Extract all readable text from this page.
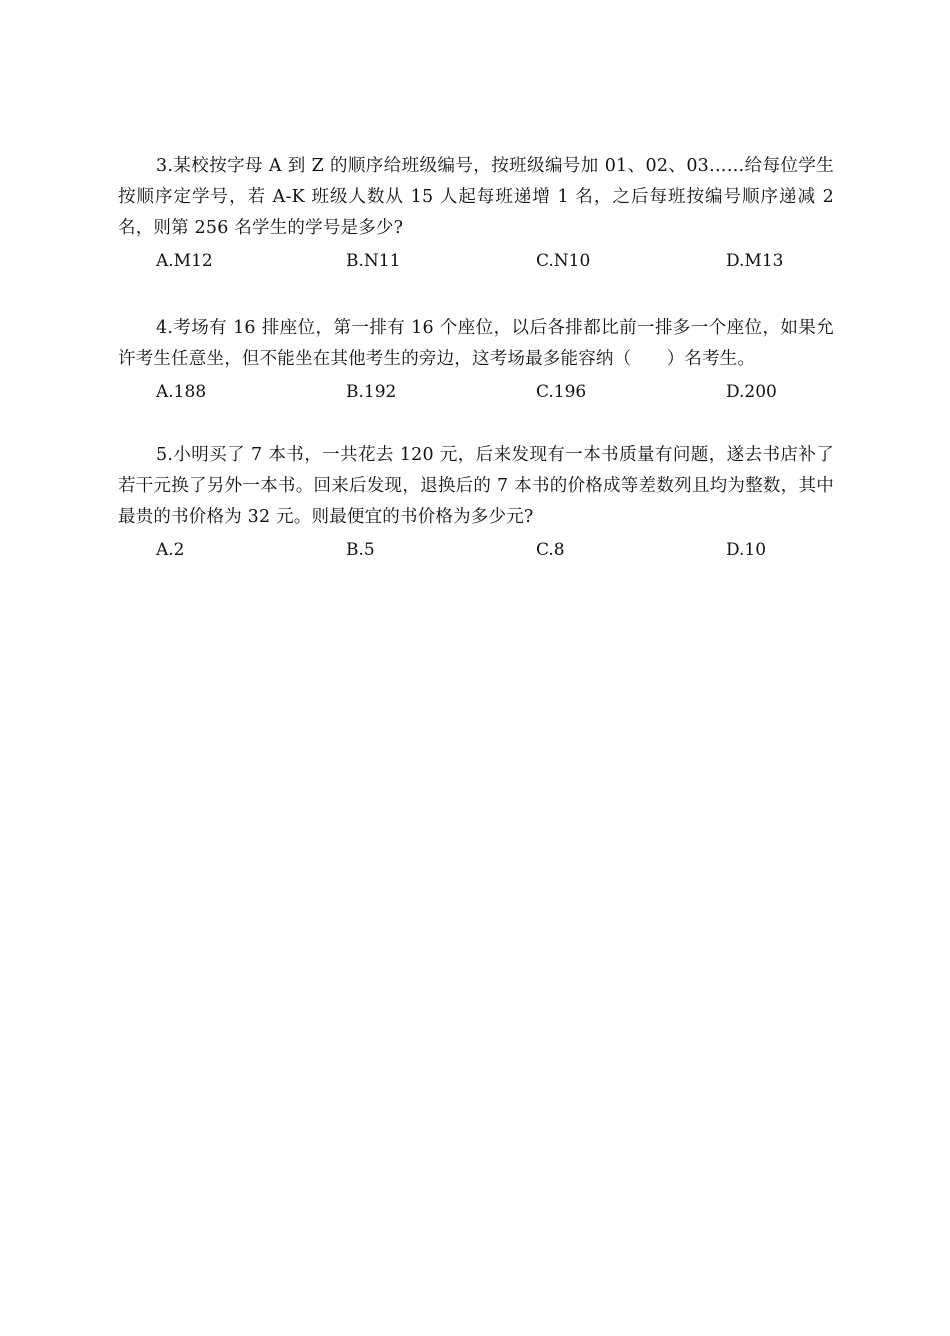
3.某校按字母 A 到 Z 的顺序给班级编号，按班级编号加 01、02、03……给每位学生按顺序定学号，若 A-K 班级人数从 15 人起每班递增 1 名，之后每班按编号顺序递减 2 名，则第 256 名学生的学号是多少?

A.M12	B.N11	C.N10	D.M13

4.考场有 16 排座位，第一排有 16 个座位，以后各排都比前一排多一个座位，如果允许考生任意坐，但不能坐在其他考生的旁边，这考场最多能容纳（　　）名考生。

A.188	B.192	C.196	D.200

5.小明买了 7 本书，一共花去 120 元，后来发现有一本书质量有问题，遂去书店补了若干元换了另外一本书。回来后发现，退换后的 7 本书的价格成等差数列且均为整数，其中最贵的书价格为 32 元。则最便宜的书价格为多少元?

A.2	B.5	C.8	D.10
